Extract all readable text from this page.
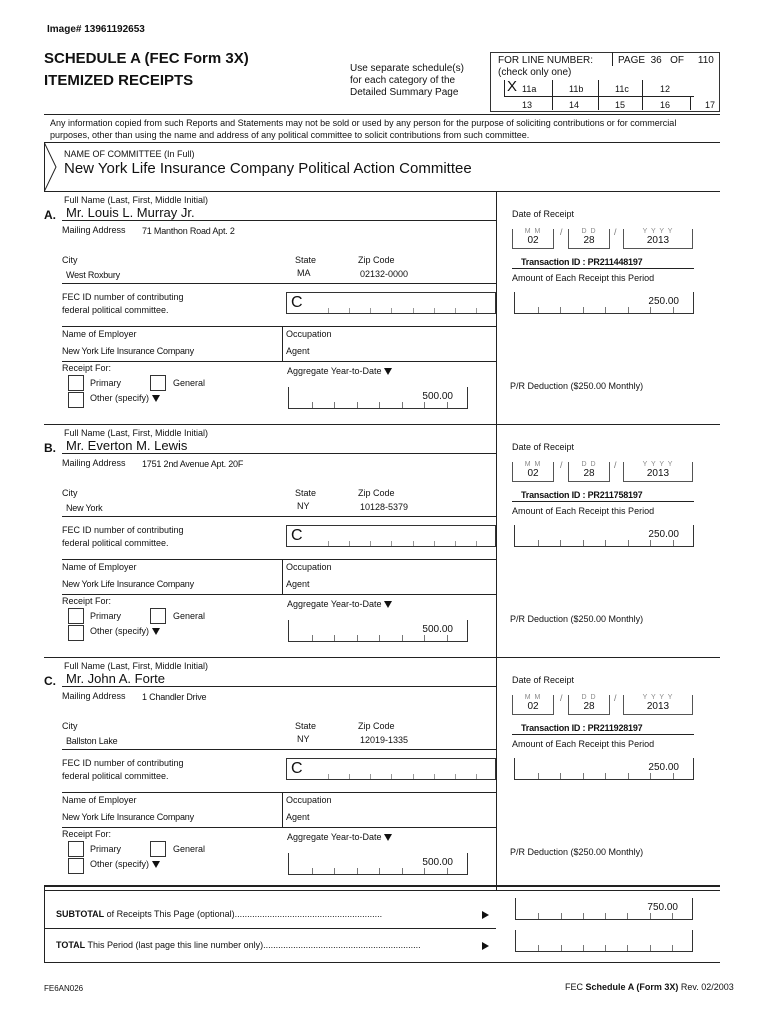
Image# 13961192653
SCHEDULE A (FEC Form 3X)
ITEMIZED RECEIPTS
Use separate schedule(s)
for each category of the
Detailed Summary Page
FOR LINE NUMBER:
(check only one)
PAGE 36 OF 110
X 11a	11b	11c	12
13	14	15	16	17
Any information copied from such Reports and Statements may not be sold or used by any person for the purpose of soliciting contributions or for commercial purposes, other than using the name and address of any political committee to solicit contributions from such committee.
NAME OF COMMITTEE (In Full)
New York Life Insurance Company Political Action Committee
Full Name (Last, First, Middle Initial)
A. Mr. Louis L. Murray Jr.
Mailing Address 71 Manthon Road Apt. 2
City	State	Zip Code
West Roxbury	MA	02132-0000
FEC ID number of contributing
federal political committee.	C
Name of Employer	Occupation
New York Life Insurance Company	Agent
Receipt For:
Primary	General
Other (specify)
Aggregate Year-to-Date
500.00
Date of Receipt
M M
02
/	D D
28
/	Y Y Y Y
2013
Transaction ID : PR211448197
Amount of Each Receipt this Period
250.00
P/R Deduction ($250.00 Monthly)
Full Name (Last, First, Middle Initial)
B. Mr. Everton M. Lewis
Mailing Address 1751 2nd Avenue Apt. 20F
City	State	Zip Code
New York	NY	10128-5379
FEC ID number of contributing
federal political committee.	C
Name of Employer	Occupation
New York Life Insurance Company	Agent
Receipt For:
Primary	General
Other (specify)
Aggregate Year-to-Date
500.00
Date of Receipt
M M
02
/	D D
28
/	Y Y Y Y
2013
Transaction ID : PR211758197
Amount of Each Receipt this Period
250.00
P/R Deduction ($250.00 Monthly)
Full Name (Last, First, Middle Initial)
C. Mr. John A. Forte
Mailing Address 1 Chandler Drive
City	State	Zip Code
Ballston Lake	NY	12019-1335
FEC ID number of contributing
federal political committee.	C
Name of Employer	Occupation
New York Life Insurance Company	Agent
Receipt For:
Primary	General
Other (specify)
Aggregate Year-to-Date
500.00
Date of Receipt
M M
02
/	D D
28
/	Y Y Y Y
2013
Transaction ID : PR211928197
Amount of Each Receipt this Period
250.00
P/R Deduction ($250.00 Monthly)
SUBTOTAL of Receipts This Page (optional)...........................................................
750.00
TOTAL This Period (last page this line number only)...............................................................
FE6AN026	FEC Schedule A (Form 3X) Rev. 02/2003
